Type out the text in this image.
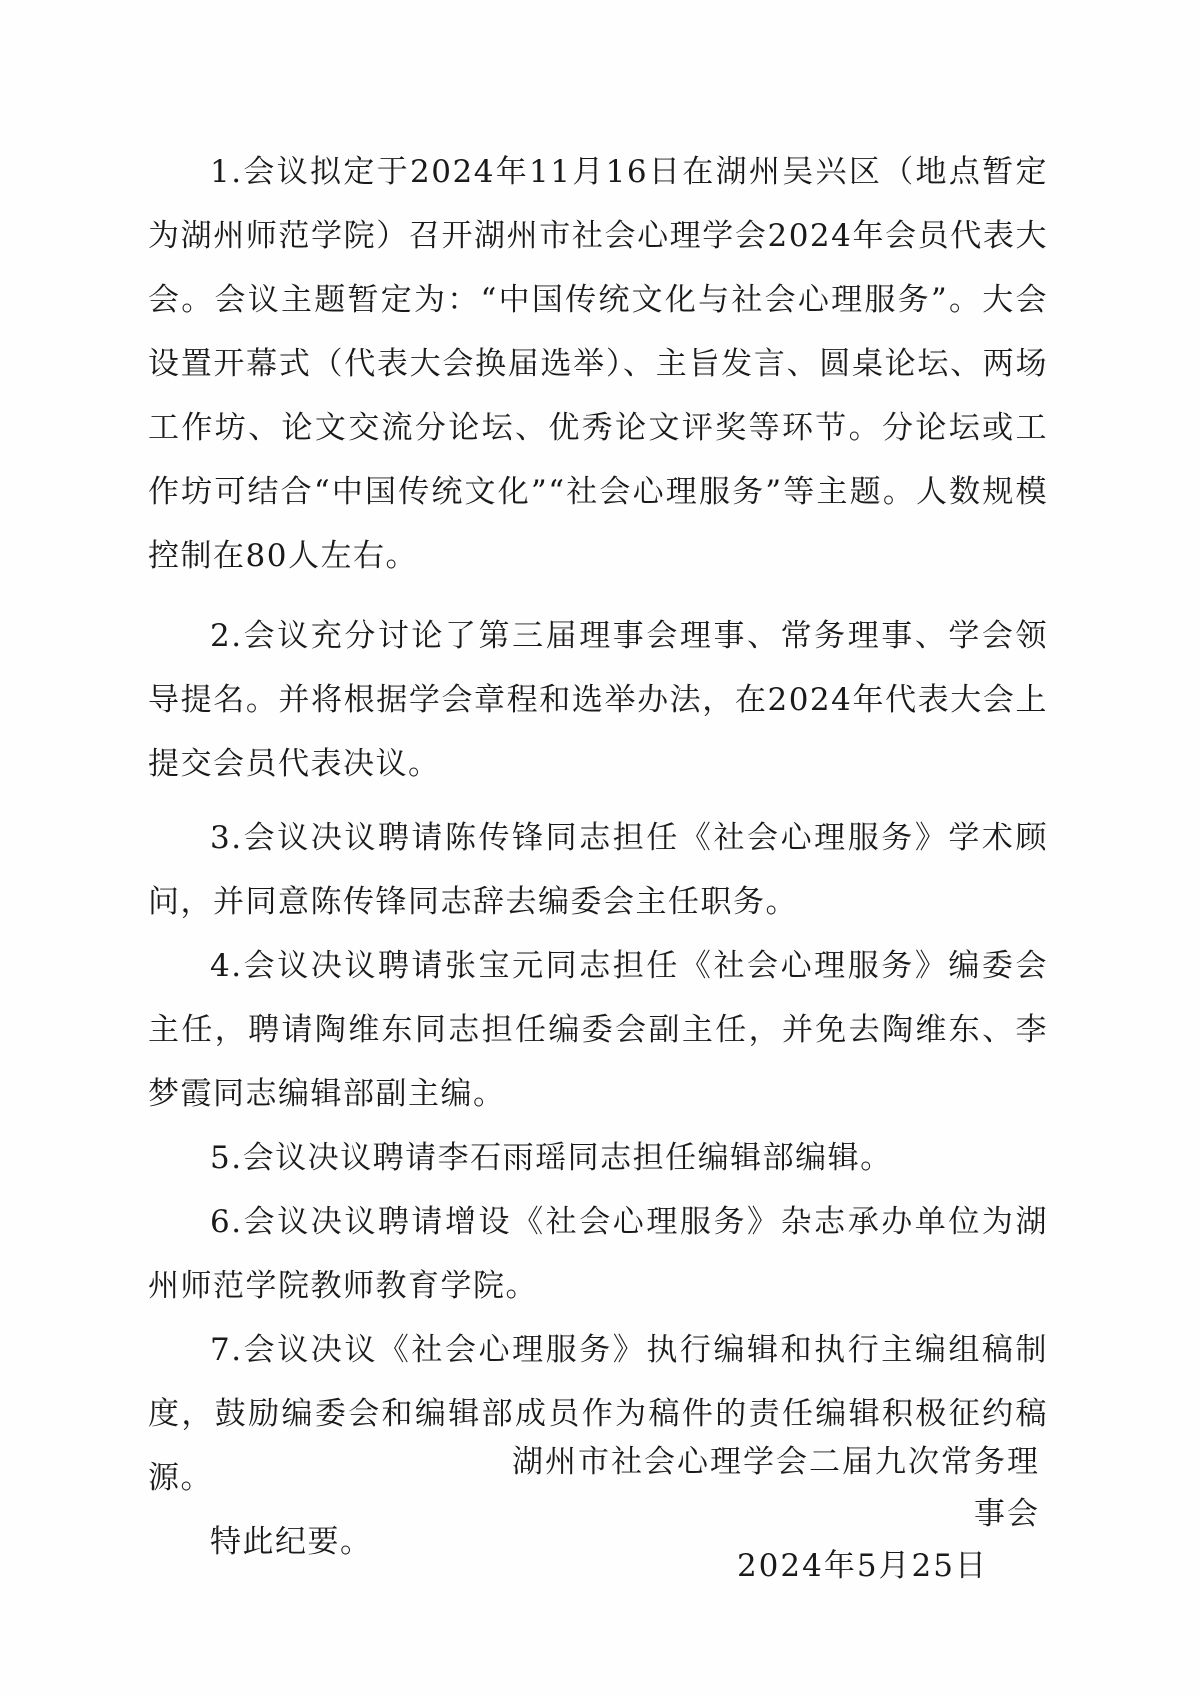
1.会议拟定于2024年11月16日在湖州吴兴区（地点暂定为湖州师范学院）召开湖州市社会心理学会2024年会员代表大会。会议主题暂定为：“中国传统文化与社会心理服务”。大会设置开幕式（代表大会换届选举）、主旨发言、圆桌论坛、两场工作坊、论文交流分论坛、优秀论文评奖等环节。分论坛或工作坊可结合“中国传统文化”“社会心理服务”等主题。人数规模控制在80人左右。

2.会议充分讨论了第三届理事会理事、常务理事、学会领导提名。并将根据学会章程和选举办法，在2024年代表大会上提交会员代表决议。

3.会议决议聘请陈传锋同志担任《社会心理服务》学术顾问，并同意陈传锋同志辞去编委会主任职务。

4.会议决议聘请张宝元同志担任《社会心理服务》编委会主任，聘请陶维东同志担任编委会副主任，并免去陶维东、李梦霞同志编辑部副主编。

5.会议决议聘请李石雨瑶同志担任编辑部编辑。

6.会议决议聘请增设《社会心理服务》杂志承办单位为湖州师范学院教师教育学院。

7.会议决议《社会心理服务》执行编辑和执行主编组稿制度，鼓励编委会和编辑部成员作为稿件的责任编辑积极征约稿源。

特此纪要。

湖州市社会心理学会二届九次常务理事会
2024年5月25日
